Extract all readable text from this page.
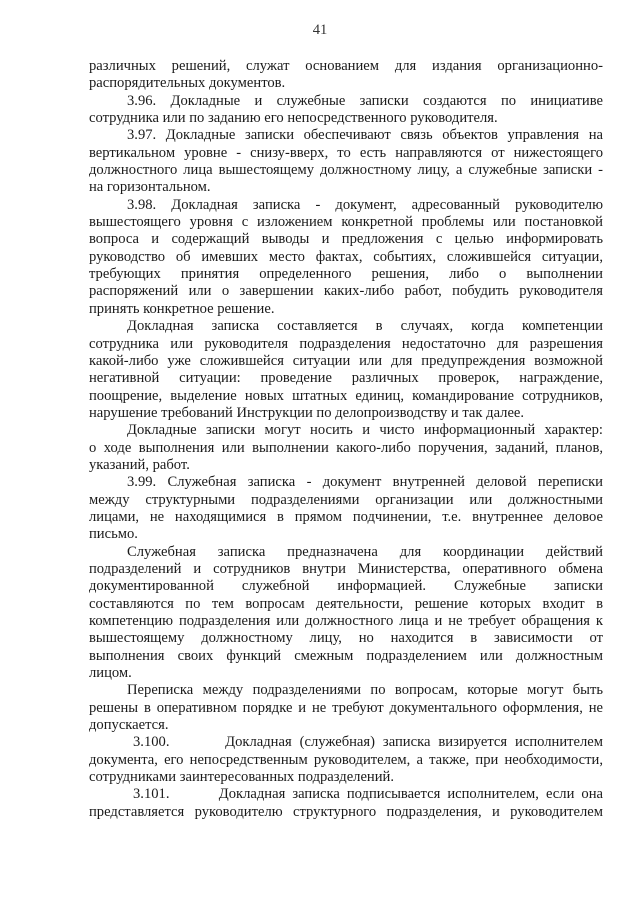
41
различных решений, служат основанием для издания организационно-
распорядительных документов.
3.96. Докладные и служебные записки создаются по инициативе
сотрудника или по заданию его непосредственного руководителя.
3.97. Докладные записки обеспечивают связь объектов управления на
вертикальном уровне - снизу-вверх, то есть направляются от нижестоящего
должностного лица вышестоящему должностному лицу, а служебные записки -
на горизонтальном.
3.98. Докладная записка - документ, адресованный руководителю
вышестоящего уровня с изложением конкретной проблемы или постановкой
вопроса и содержащий выводы и предложения с целью информировать
руководство об имевших место фактах, событиях, сложившейся ситуации,
требующих принятия определенного решения, либо о выполнении
распоряжений или о завершении каких-либо работ, побудить руководителя
принять конкретное решение.
Докладная записка составляется в случаях, когда компетенции
сотрудника или руководителя подразделения недостаточно для разрешения
какой-либо уже сложившейся ситуации или для предупреждения возможной
негативной ситуации: проведение различных проверок, награждение,
поощрение, выделение новых штатных единиц, командирование сотрудников,
нарушение требований Инструкции по делопроизводству и так далее.
Докладные записки могут носить и чисто информационный характер:
о ходе выполнения или выполнении какого-либо поручения, заданий, планов,
указаний, работ.
3.99. Служебная записка - документ внутренней деловой переписки
между структурными подразделениями организации или должностными
лицами, не находящимися в прямом подчинении, т.е. внутреннее деловое
письмо.
Служебная записка предназначена для координации действий
подразделений и сотрудников внутри Министерства, оперативного обмена
документированной служебной информацией. Служебные записки
составляются по тем вопросам деятельности, решение которых входит в
компетенцию подразделения или должностного лица и не требует обращения к
вышестоящему должностному лицу, но находится в зависимости от
выполнения своих функций смежным подразделением или должностным
лицом.
Переписка между подразделениями по вопросам, которые могут быть
решены в оперативном порядке и не требуют документального оформления, не
допускается.
3.100.       Докладная (служебная) записка визируется исполнителем
документа, его непосредственным руководителем, а также, при необходимости,
сотрудниками заинтересованных подразделений.
3.101.       Докладная записка подписывается исполнителем, если она
представляется руководителю структурного подразделения, и руководителем
